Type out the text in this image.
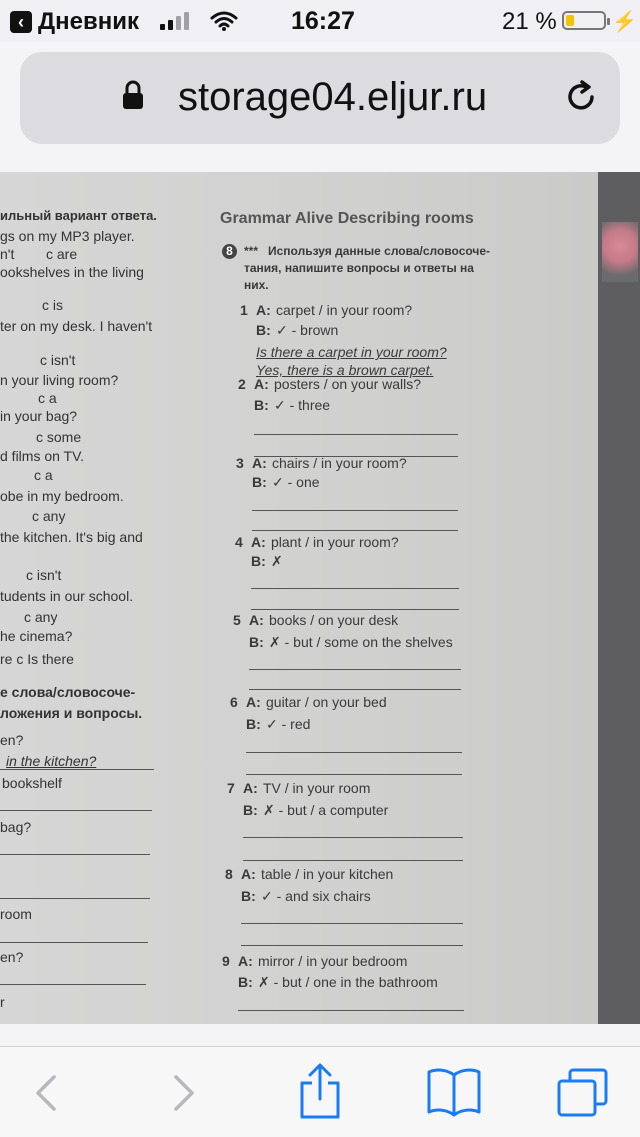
‹ Дневник	16:27	21 %	⚡
storage04.eljur.ru
ильный вариант ответа.
gs on my MP3 player.
n't c are
ookshelves in the living
c is
ter on my desk. I haven't
c isn't
n your living room?
c a
in your bag?
c some
d films on TV.
c a
obe in my bedroom.
c any
the kitchen. It's big and
c isn't
tudents in our school.
c any
he cinema?
re c Is there
е слова/словосоче-
ложения и вопросы.
en?
in the kitchen?
bookshelf
bag?
room
en?
r
Grammar Alive Describing rooms
8 *** Используя данные слова/словосоче-
тания, напишите вопросы и ответы на
них.
1 A: carpet / in your room?
B: ✓ - brown
Is there a carpet in your room?
Yes, there is a brown carpet.
2 A: posters / on your walls?
B: ✓ - three
3 A: chairs / in your room?
B: ✓ - one
4 A: plant / in your room?
B: ✗
5 A: books / on your desk
B: ✗ - but / some on the shelves
6 A: guitar / on your bed
B: ✓ - red
7 A: TV / in your room
B: ✗ - but / a computer
8 A: table / in your kitchen
B: ✓ - and six chairs
9 A: mirror / in your bedroom
B: ✗ - but / one in the bathroom
